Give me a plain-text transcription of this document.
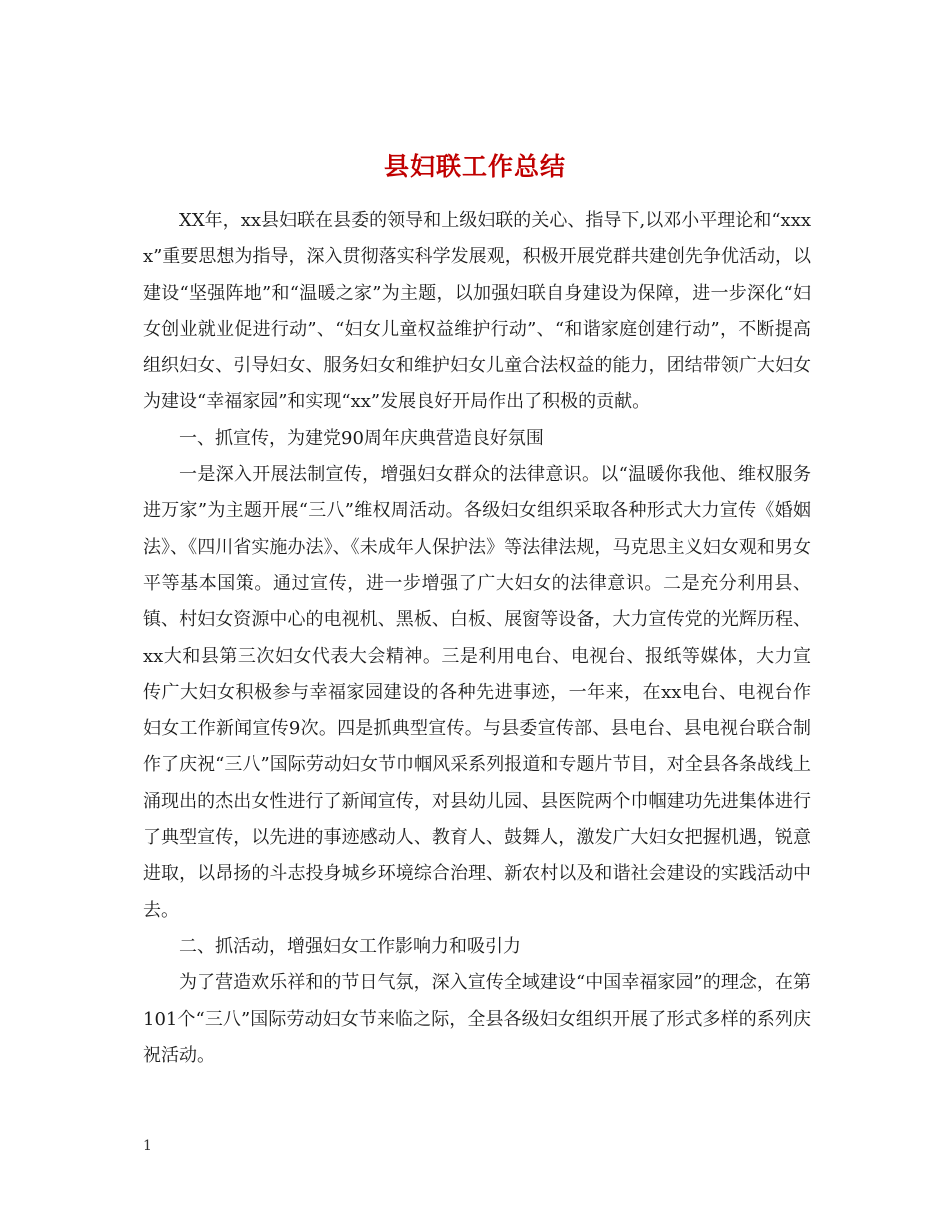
县妇联工作总结

XX年，xx县妇联在县委的领导和上级妇联的关心、指导下,以邓小平理论和“xxxx”重要思想为指导，深入贯彻落实科学发展观，积极开展党群共建创先争优活动，以建设“坚强阵地”和“温暖之家”为主题，以加强妇联自身建设为保障，进一步深化“妇女创业就业促进行动”、“妇女儿童权益维护行动”、“和谐家庭创建行动”，不断提高组织妇女、引导妇女、服务妇女和维护妇女儿童合法权益的能力，团结带领广大妇女为建设“幸福家园”和实现“xx”发展良好开局作出了积极的贡献。

一、抓宣传，为建党90周年庆典营造良好氛围

一是深入开展法制宣传，增强妇女群众的法律意识。以“温暖你我他、维权服务进万家”为主题开展“三八”维权周活动。各级妇女组织采取各种形式大力宣传《婚姻法》、《四川省实施办法》、《未成年人保护法》等法律法规，马克思主义妇女观和男女平等基本国策。通过宣传，进一步增强了广大妇女的法律意识。二是充分利用县、镇、村妇女资源中心的电视机、黑板、白板、展窗等设备，大力宣传党的光辉历程、xx大和县第三次妇女代表大会精神。三是利用电台、电视台、报纸等媒体，大力宣传广大妇女积极参与幸福家园建设的各种先进事迹，一年来，在xx电台、电视台作妇女工作新闻宣传9次。四是抓典型宣传。与县委宣传部、县电台、县电视台联合制作了庆祝“三八”国际劳动妇女节巾帼风采系列报道和专题片节目，对全县各条战线上涌现出的杰出女性进行了新闻宣传，对县幼儿园、县医院两个巾帼建功先进集体进行了典型宣传，以先进的事迹感动人、教育人、鼓舞人，激发广大妇女把握机遇，锐意进取，以昂扬的斗志投身城乡环境综合治理、新农村以及和谐社会建设的实践活动中去。

二、抓活动，增强妇女工作影响力和吸引力

为了营造欢乐祥和的节日气氛，深入宣传全域建设“中国幸福家园”的理念，在第 101个“三八”国际劳动妇女节来临之际，全县各级妇女组织开展了形式多样的系列庆祝活动。

1
